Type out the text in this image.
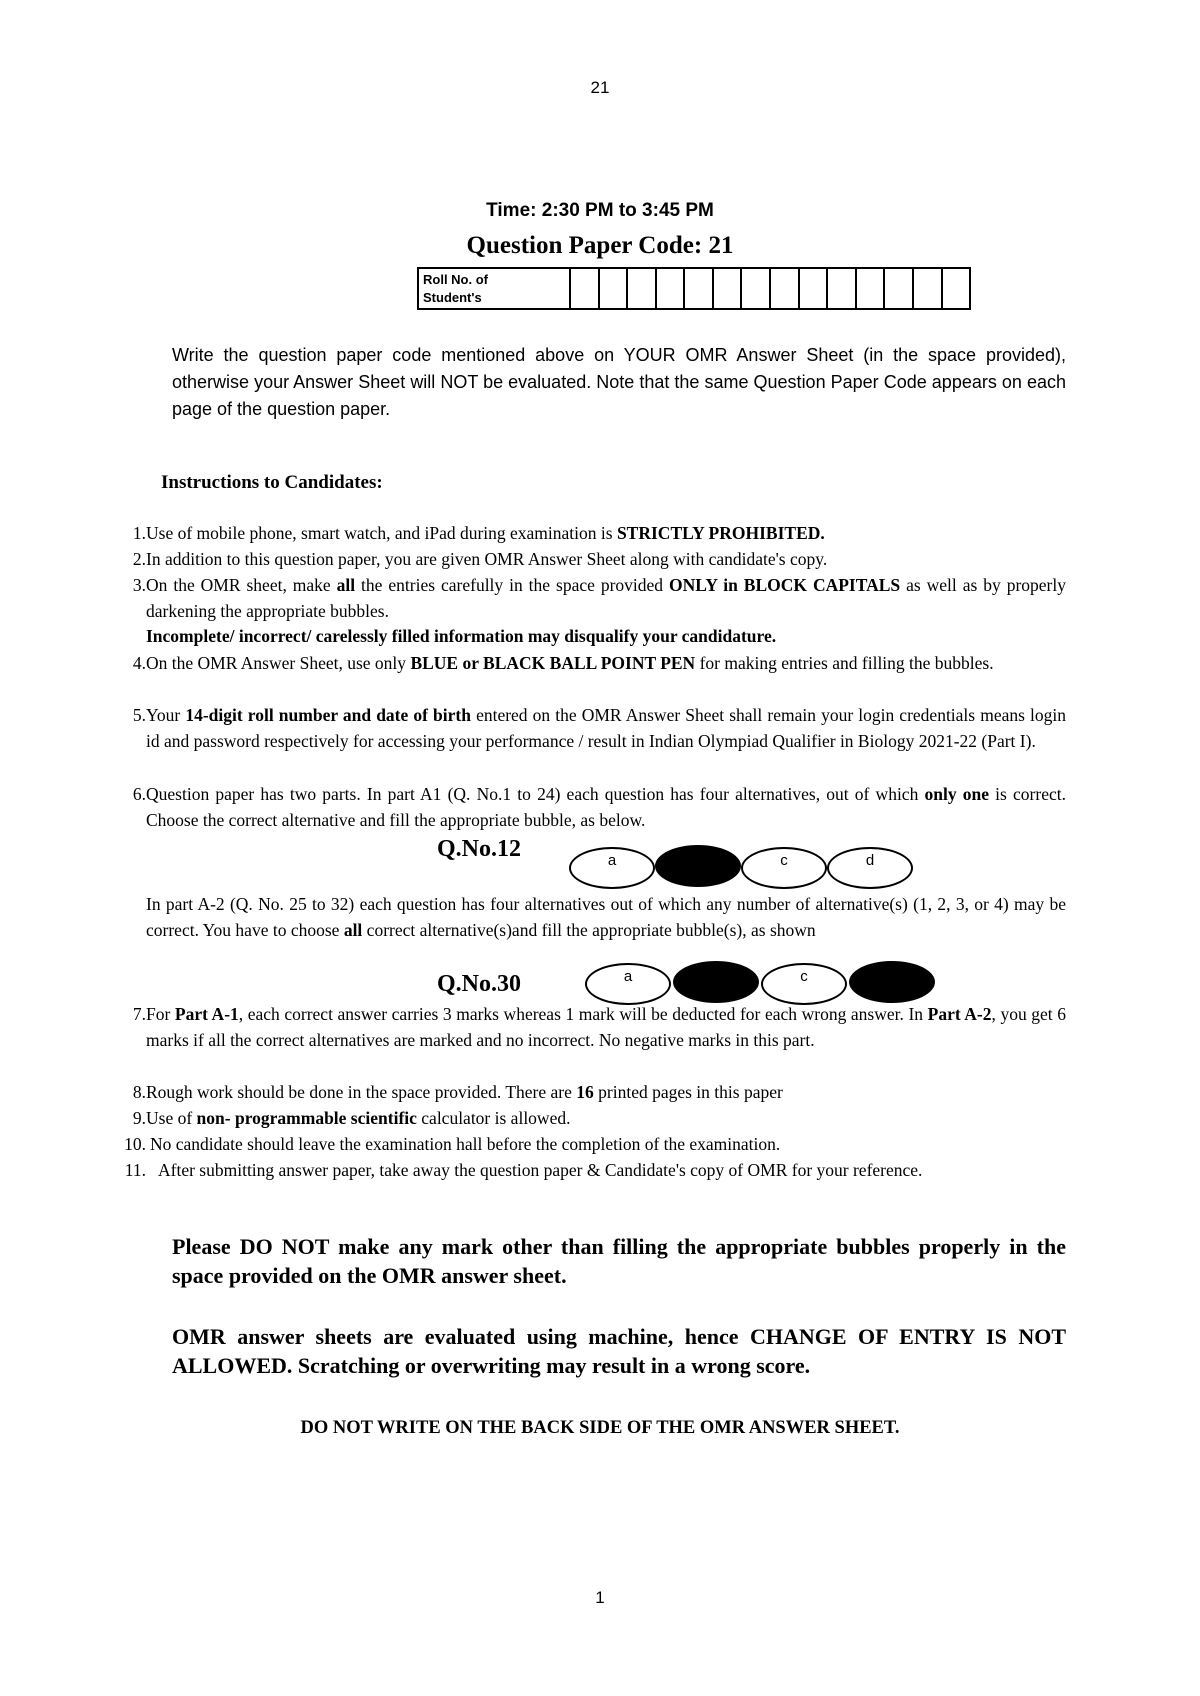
21
Time: 2:30 PM to 3:45 PM
Question Paper Code: 21
Roll No. of
Student's
Write the question paper code mentioned above on YOUR OMR Answer Sheet (in the space provided), otherwise your Answer Sheet will NOT be evaluated. Note that the same Question Paper Code appears on each page of the question paper.
Instructions to Candidates:
1. Use of mobile phone, smart watch, and iPad during examination is STRICTLY PROHIBITED.
2. In addition to this question paper, you are given OMR Answer Sheet along with candidate's copy.
3. On the OMR sheet, make all the entries carefully in the space provided ONLY in BLOCK CAPITALS as well as by properly darkening the appropriate bubbles.
Incomplete/ incorrect/ carelessly filled information may disqualify your candidature.
4. On the OMR Answer Sheet, use only BLUE or BLACK BALL POINT PEN for making entries and filling the bubbles.
5. Your 14-digit roll number and date of birth entered on the OMR Answer Sheet shall remain your login credentials means login id and password respectively for accessing your performance / result in Indian Olympiad Qualifier in Biology 2021-22 (Part I).
6. Question paper has two parts. In part A1 (Q. No.1 to 24) each question has four alternatives, out of which only one is correct. Choose the correct alternative and fill the appropriate bubble, as below.
Q.No.12	a	c	d
In part A-2 (Q. No. 25 to 32) each question has four alternatives out of which any number of alternative(s) (1, 2, 3, or 4) may be correct. You have to choose all correct alternative(s)and fill the appropriate bubble(s), as shown
Q.No.30	a	c
7. For Part A-1, each correct answer carries 3 marks whereas 1 mark will be deducted for each wrong answer. In Part A-2, you get 6 marks if all the correct alternatives are marked and no incorrect. No negative marks in this part.
8. Rough work should be done in the space provided. There are 16 printed pages in this paper
9. Use of non- programmable scientific calculator is allowed.
10. No candidate should leave the examination hall before the completion of the examination.
11. After submitting answer paper, take away the question paper & Candidate's copy of OMR for your reference.
Please DO NOT make any mark other than filling the appropriate bubbles properly in the space provided on the OMR answer sheet.
OMR answer sheets are evaluated using machine, hence CHANGE OF ENTRY IS NOT ALLOWED. Scratching or overwriting may result in a wrong score.
DO NOT WRITE ON THE BACK SIDE OF THE OMR ANSWER SHEET.
1
